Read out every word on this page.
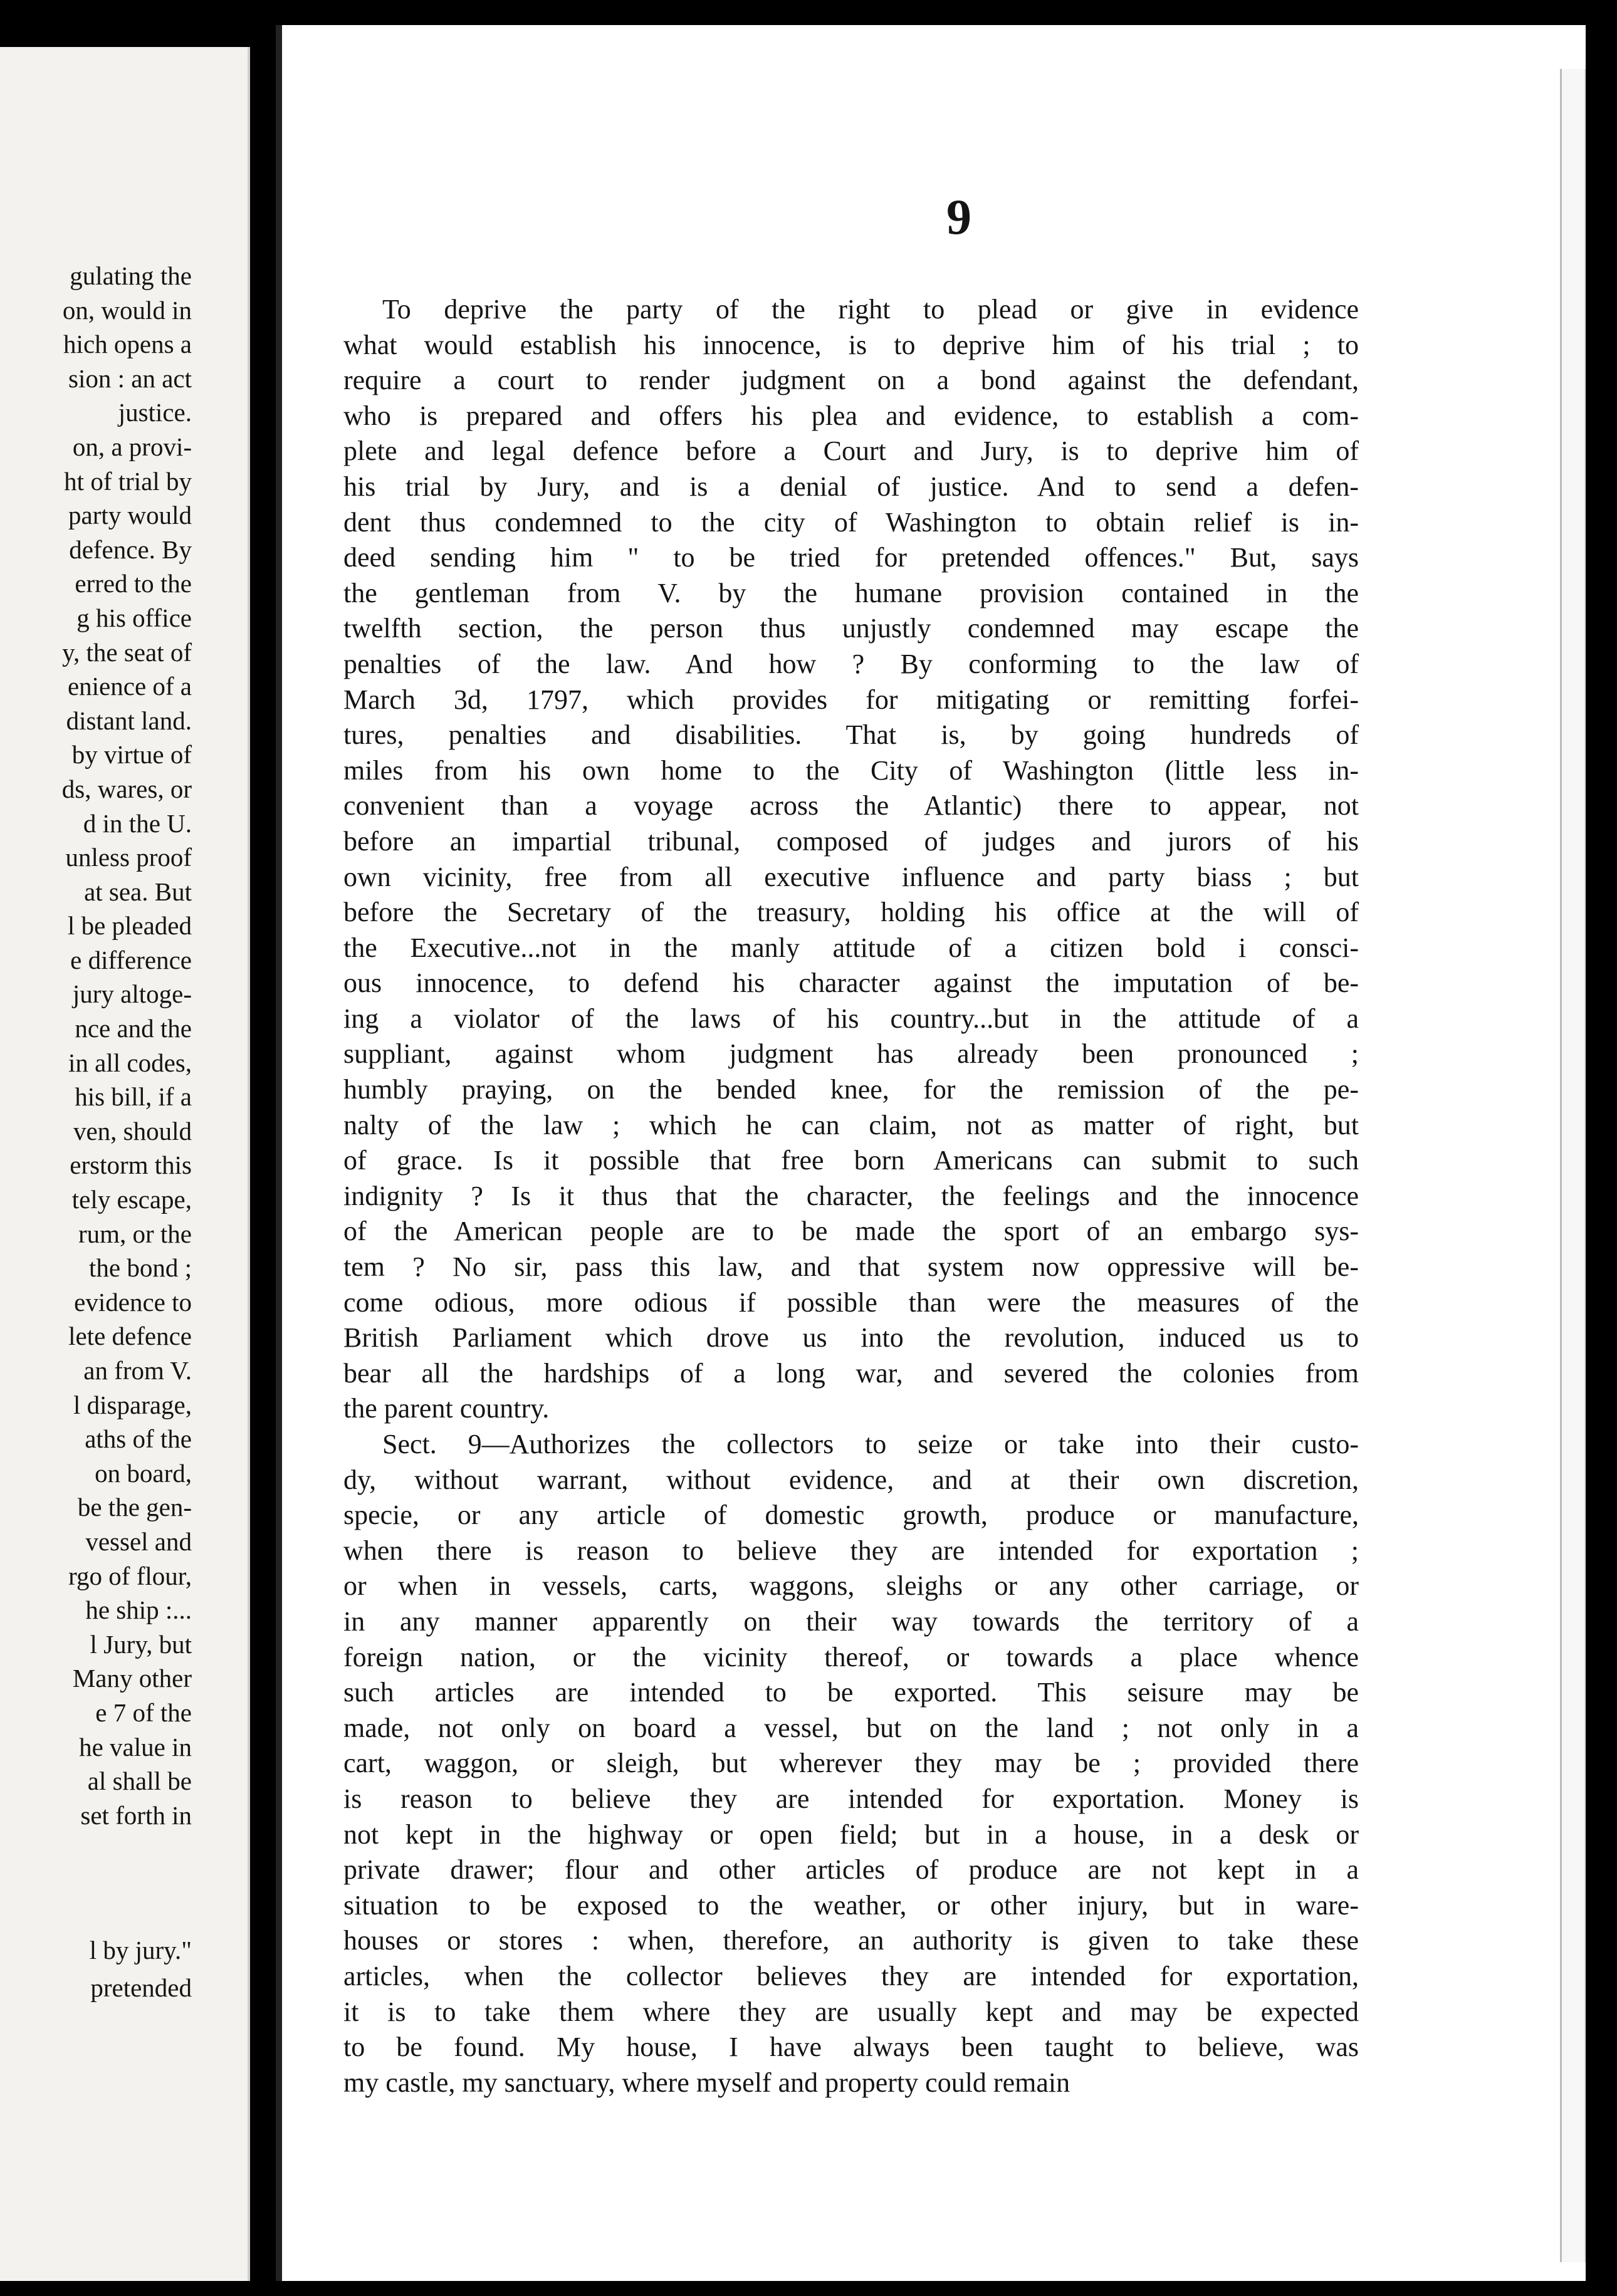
gulating the
on, would in
hich opens a
sion : an act
justice.
on, a provi-
ht of trial by
party would
defence. By
erred to the
g his office
y, the seat of
enience of a
distant land.
by virtue of
ds, wares, or
d in the U.
unless proof
at sea. But
l be pleaded
e difference
jury altoge-
nce and the
in all codes,
his bill, if a
ven, should
erstorm this
tely escape,
rum, or the
the bond ;
evidence to
lete defence
an from V.
l disparage,
aths of the
on board,
be the gen-
vessel and
rgo of flour,
he ship :...
l Jury, but
Many other
e 7 of the
he value in
al shall be
set forth in
l by jury."
pretended
9
To deprive the party of the right to plead or give in evidence
what would establish his innocence, is to deprive him of his trial ; to
require a court to render judgment on a bond against the defendant,
who is prepared and offers his plea and evidence, to establish a com-
plete and legal defence before a Court and Jury, is to deprive him of
his trial by Jury, and is a denial of justice. And to send a defen-
dent thus condemned to the city of Washington to obtain relief is in-
deed sending him " to be tried for pretended offences." But, says
the gentleman from V. by the humane provision contained in the
twelfth section, the person thus unjustly condemned may escape the
penalties of the law. And how ? By conforming to the law of
March 3d, 1797, which provides for mitigating or remitting forfei-
tures, penalties and disabilities. That is, by going hundreds of
miles from his own home to the City of Washington (little less in-
convenient than a voyage across the Atlantic) there to appear, not
before an impartial tribunal, composed of judges and jurors of his
own vicinity, free from all executive influence and party biass ; but
before the Secretary of the treasury, holding his office at the will of
the Executive...not in the manly attitude of a citizen bold i consci-
ous innocence, to defend his character against the imputation of be-
ing a violator of the laws of his country...but in the attitude of a
suppliant, against whom judgment has already been pronounced ;
humbly praying, on the bended knee, for the remission of the pe-
nalty of the law ; which he can claim, not as matter of right, but
of grace. Is it possible that free born Americans can submit to such
indignity ? Is it thus that the character, the feelings and the innocence
of the American people are to be made the sport of an embargo sys-
tem ? No sir, pass this law, and that system now oppressive will be-
come odious, more odious if possible than were the measures of the
British Parliament which drove us into the revolution, induced us to
bear all the hardships of a long war, and severed the colonies from
the parent country.
Sect. 9—Authorizes the collectors to seize or take into their custo-
dy, without warrant, without evidence, and at their own discretion,
specie, or any article of domestic growth, produce or manufacture,
when there is reason to believe they are intended for exportation ;
or when in vessels, carts, waggons, sleighs or any other carriage, or
in any manner apparently on their way towards the territory of a
foreign nation, or the vicinity thereof, or towards a place whence
such articles are intended to be exported. This seisure may be
made, not only on board a vessel, but on the land ; not only in a
cart, waggon, or sleigh, but wherever they may be ; provided there
is reason to believe they are intended for exportation. Money is
not kept in the highway or open field; but in a house, in a desk or
private drawer; flour and other articles of produce are not kept in a
situation to be exposed to the weather, or other injury, but in ware-
houses or stores : when, therefore, an authority is given to take these
articles, when the collector believes they are intended for exportation,
it is to take them where they are usually kept and may be expected
to be found. My house, I have always been taught to believe, was
my castle, my sanctuary, where myself and property could remain
